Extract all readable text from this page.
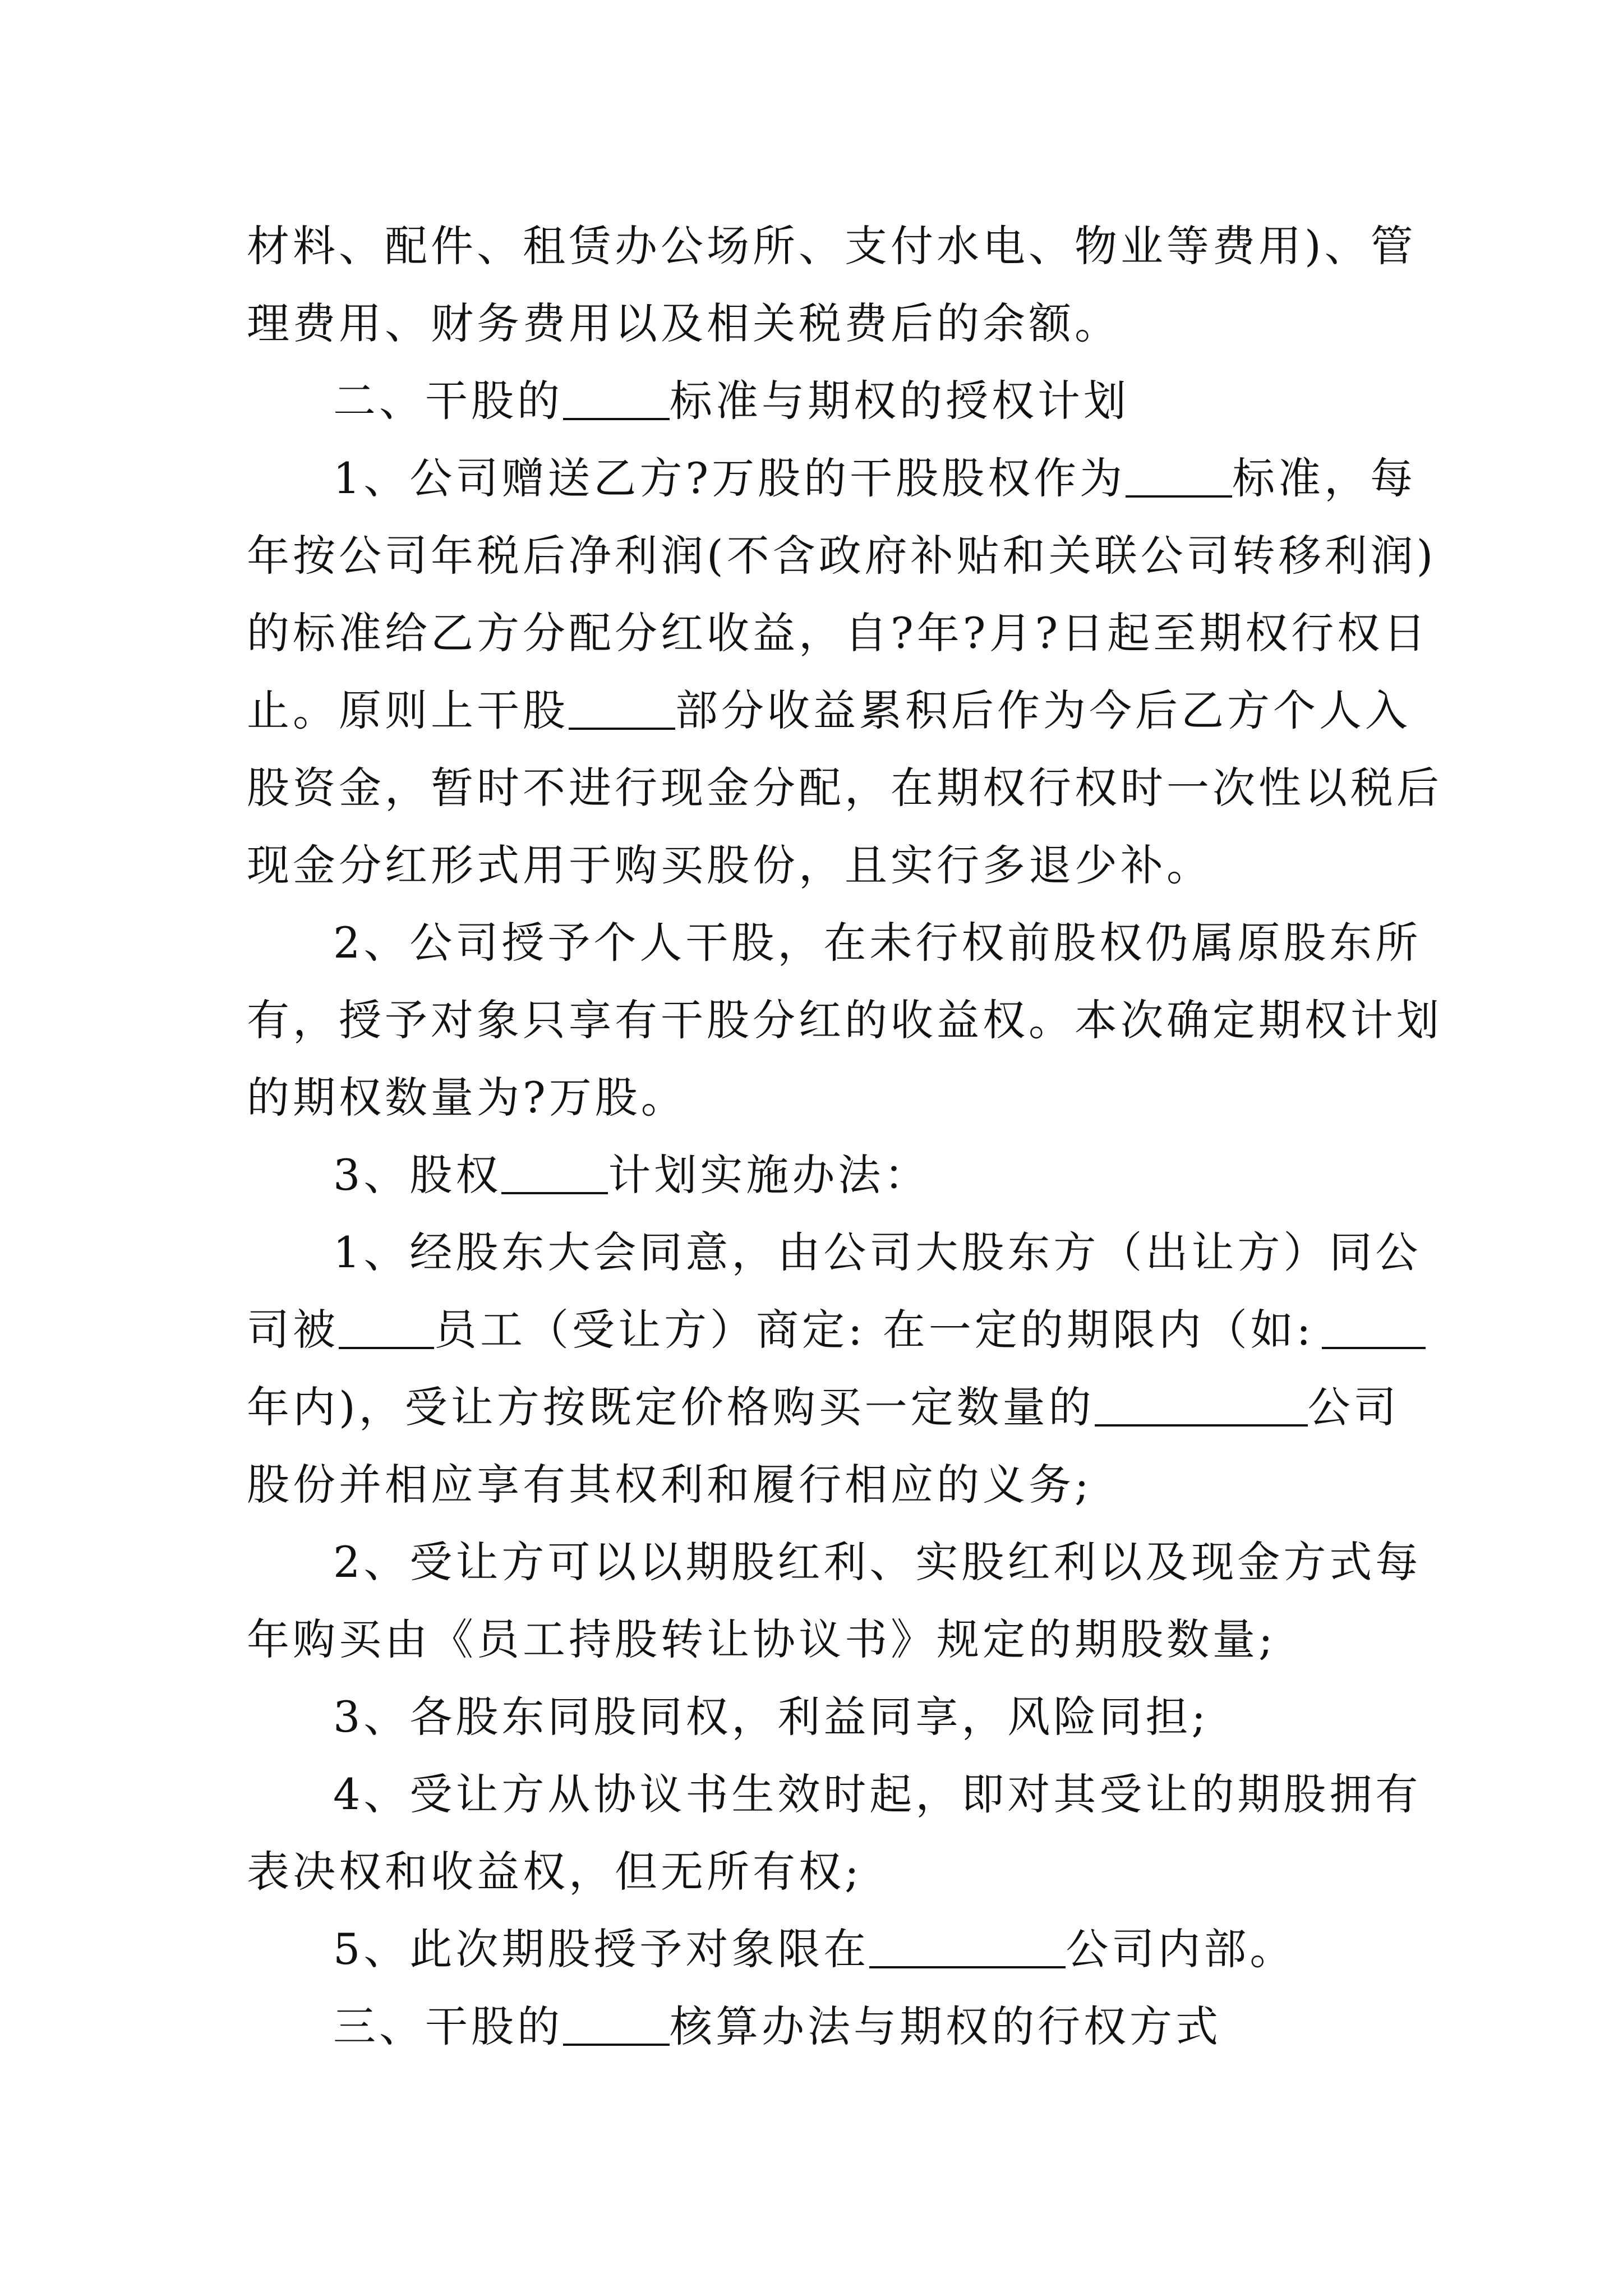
材料、配件、租赁办公场所、支付水电、物业等费用)、管
理费用、财务费用以及相关税费后的余额。
二、干股的	标准与期权的授权计划
1、公司赠送乙方?万股的干股股权作为	标准，每
年按公司年税后净利润(不含政府补贴和关联公司转移利润)
的标准给乙方分配分红收益，自?年?月?日起至期权行权日
止。原则上干股	部分收益累积后作为今后乙方个人入
股资金，暂时不进行现金分配，在期权行权时一次性以税后
现金分红形式用于购买股份，且实行多退少补。
2、公司授予个人干股，在未行权前股权仍属原股东所
有，授予对象只享有干股分红的收益权。本次确定期权计划
的期权数量为?万股。
3、股权	计划实施办法：
1、经股东大会同意，由公司大股东方（出让方）同公
司被 员工（受让方）商定: 在一定的期限内（如:
年内)，受让方按既定价格购买一定数量的	公司
股份并相应享有其权利和履行相应的义务;
2、受让方可以以期股红利、实股红利以及现金方式每
年购买由《员工持股转让协议书》规定的期股数量;
3、各股东同股同权，利益同享，风险同担;
4、受让方从协议书生效时起，即对其受让的期股拥有
表决权和收益权，但无所有权;
5、此次期股授予对象限在	公司内部。
三、干股的	核算办法与期权的行权方式
